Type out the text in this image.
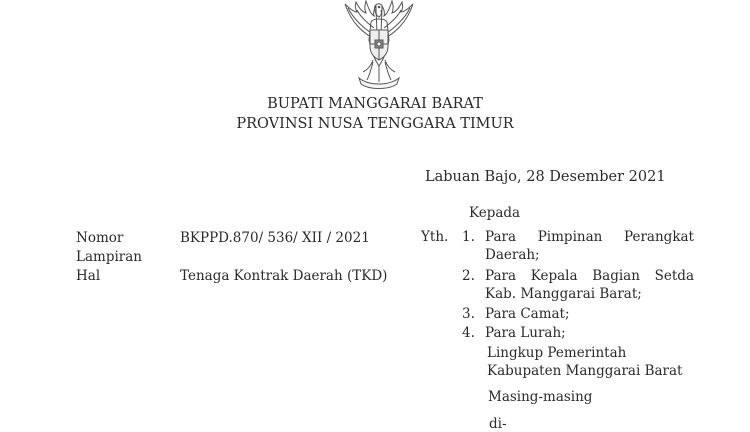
BUPATI MANGGARAI BARAT
PROVINSI NUSA TENGGARA TIMUR
Labuan Bajo, 28 Desember 2021
Nomor	BKPPD.870/ 536/ XII / 2021
Lampiran
Hal	Tenaga Kontrak Daerah (TKD)
Kepada
Yth. 1. Para Pimpinan Perangkat
Daerah;
2. Para Kepala Bagian Setda
Kab. Manggarai Barat;
3. Para Camat;
4. Para Lurah;
Lingkup Pemerintah
Kabupaten Manggarai Barat
Masing-masing
di-
